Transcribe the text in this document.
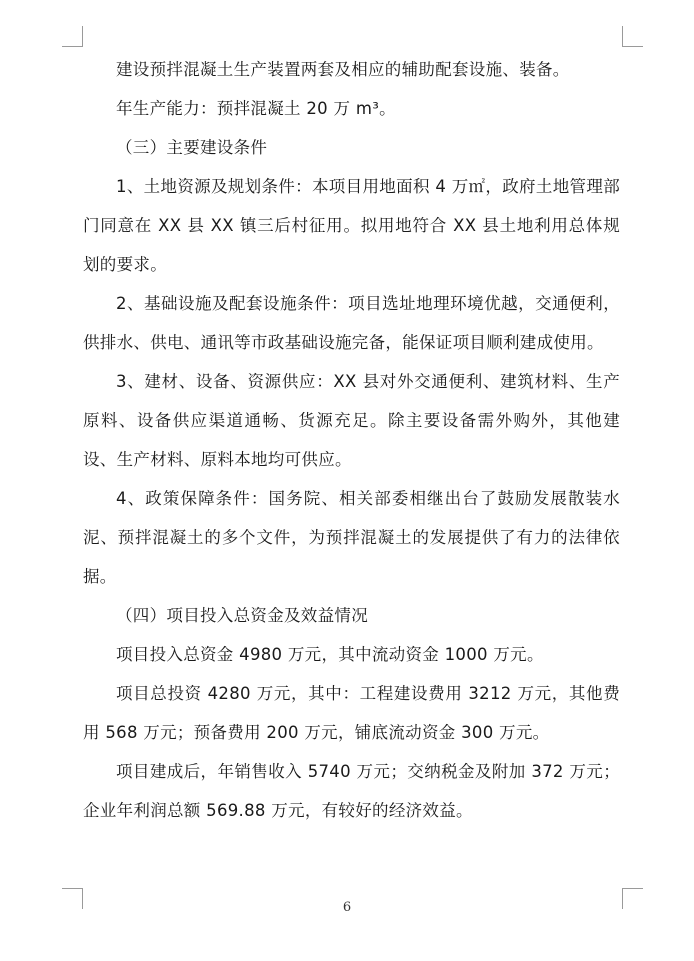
建设预拌混凝土生产装置两套及相应的辅助配套设施、装备。

年生产能力：预拌混凝土 20 万 m³。

（三）主要建设条件

1、土地资源及规划条件：本项目用地面积 4 万㎡，政府土地管理部门同意在 XX 县 XX 镇三后村征用。拟用地符合 XX 县土地利用总体规划的要求。

2、基础设施及配套设施条件：项目选址地理环境优越，交通便利，供排水、供电、通讯等市政基础设施完备，能保证项目顺利建成使用。

3、建材、设备、资源供应：XX 县对外交通便利、建筑材料、生产原料、设备供应渠道通畅、货源充足。除主要设备需外购外，其他建设、生产材料、原料本地均可供应。

4、政策保障条件：国务院、相关部委相继出台了鼓励发展散装水泥、预拌混凝土的多个文件，为预拌混凝土的发展提供了有力的法律依据。

（四）项目投入总资金及效益情况

项目投入总资金 4980 万元，其中流动资金 1000 万元。

项目总投资 4280 万元，其中：工程建设费用 3212 万元，其他费用 568 万元；预备费用 200 万元，铺底流动资金 300 万元。

项目建成后，年销售收入 5740 万元；交纳税金及附加 372 万元；企业年利润总额 569.88 万元，有较好的经济效益。

6
